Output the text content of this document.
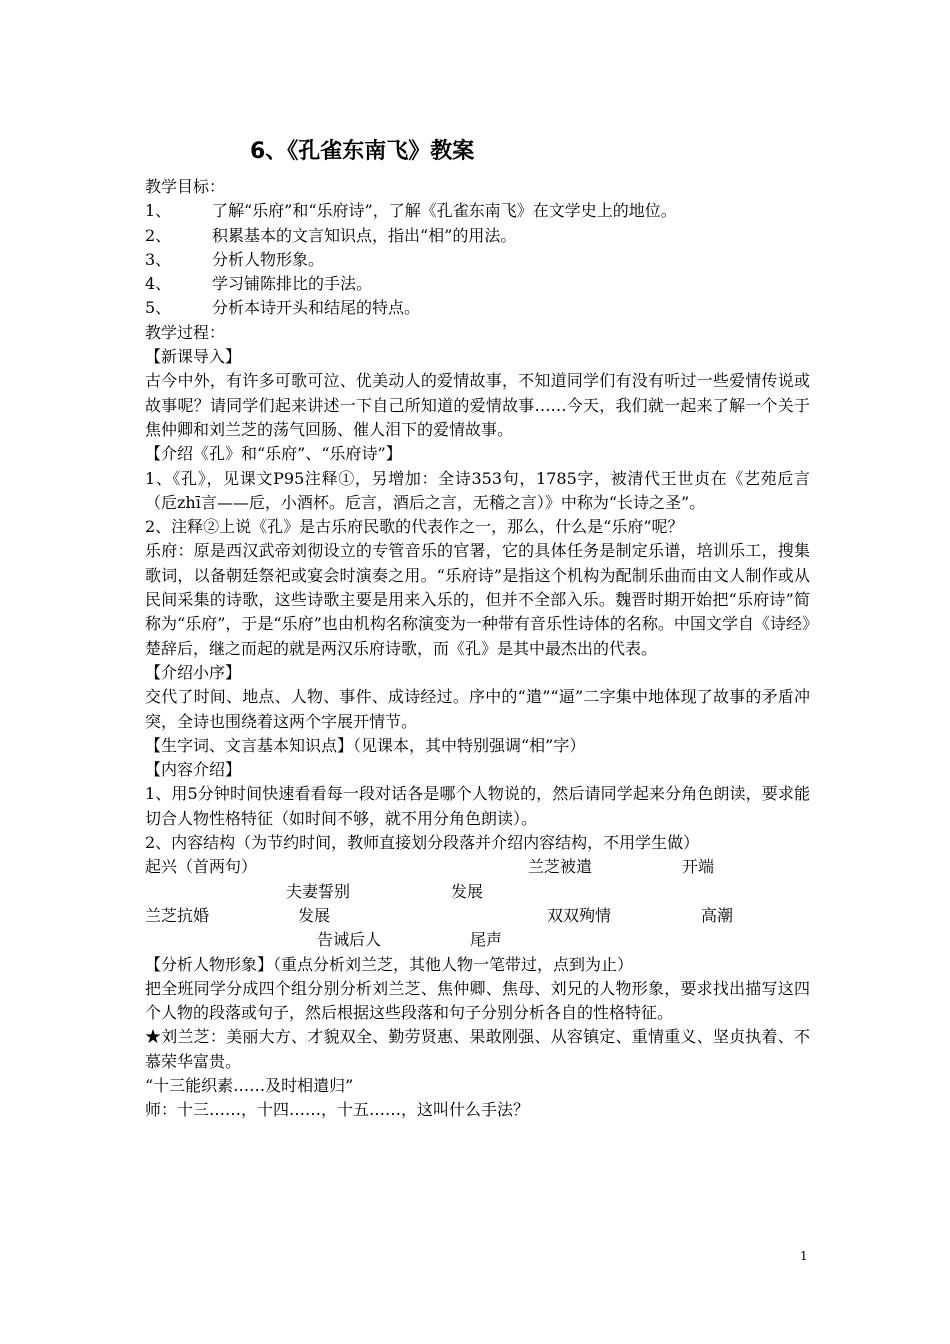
6、《孔雀东南飞》教案
教学目标：
1、	了解“乐府”和“乐府诗”，了解《孔雀东南飞》在文学史上的地位。
2、	积累基本的文言知识点，指出“相”的用法。
3、	分析人物形象。
4、	学习铺陈排比的手法。
5、	分析本诗开头和结尾的特点。
教学过程：
【新课导入】
古今中外，有许多可歌可泣、优美动人的爱情故事，不知道同学们有没有听过一些爱情传说或故事呢？请同学们起来讲述一下自己所知道的爱情故事……今天，我们就一起来了解一个关于焦仲卿和刘兰芝的荡气回肠、催人泪下的爱情故事。
【介绍《孔》和“乐府”、“乐府诗”】
1、《孔》，见课文P95注释①，另增加：全诗353句，1785字，被清代王世贞在《艺苑卮言（卮zhī言——卮，小酒杯。卮言，酒后之言，无稽之言）》中称为“长诗之圣”。
2、注释②上说《孔》是古乐府民歌的代表作之一，那么，什么是“乐府”呢？
乐府：原是西汉武帝刘彻设立的专管音乐的官署，它的具体任务是制定乐谱，培训乐工，搜集歌词，以备朝廷祭祀或宴会时演奏之用。“乐府诗”是指这个机构为配制乐曲而由文人制作或从民间采集的诗歌，这些诗歌主要是用来入乐的，但并不全部入乐。魏晋时期开始把“乐府诗”简称为“乐府”，于是“乐府”也由机构名称演变为一种带有音乐性诗体的名称。中国文学自《诗经》楚辞后，继之而起的就是两汉乐府诗歌，而《孔》是其中最杰出的代表。
【介绍小序】
交代了时间、地点、人物、事件、成诗经过。序中的“遣”“逼”二字集中地体现了故事的矛盾冲突，全诗也围绕着这两个字展开情节。
【生字词、文言基本知识点】（见课本，其中特别强调“相”字）
【内容介绍】
1、用5分钟时间快速看看每一段对话各是哪个人物说的，然后请同学起来分角色朗读，要求能切合人物性格特征（如时间不够，就不用分角色朗读）。
2、内容结构（为节约时间，教师直接划分段落并介绍内容结构，不用学生做）
起兴（首两句）	兰芝被遣	开端
夫妻誓别	发展
兰芝抗婚	发展	双双殉情	高潮
告诫后人	尾声
【分析人物形象】（重点分析刘兰芝，其他人物一笔带过，点到为止）
把全班同学分成四个组分别分析刘兰芝、焦仲卿、焦母、刘兄的人物形象，要求找出描写这四个人物的段落或句子，然后根据这些段落和句子分别分析各自的性格特征。
★刘兰芝：美丽大方、才貌双全、勤劳贤惠、果敢刚强、从容镇定、重情重义、坚贞执着、不慕荣华富贵。
“十三能织素……及时相遣归”
师：十三……，十四……，十五……，这叫什么手法？
1
